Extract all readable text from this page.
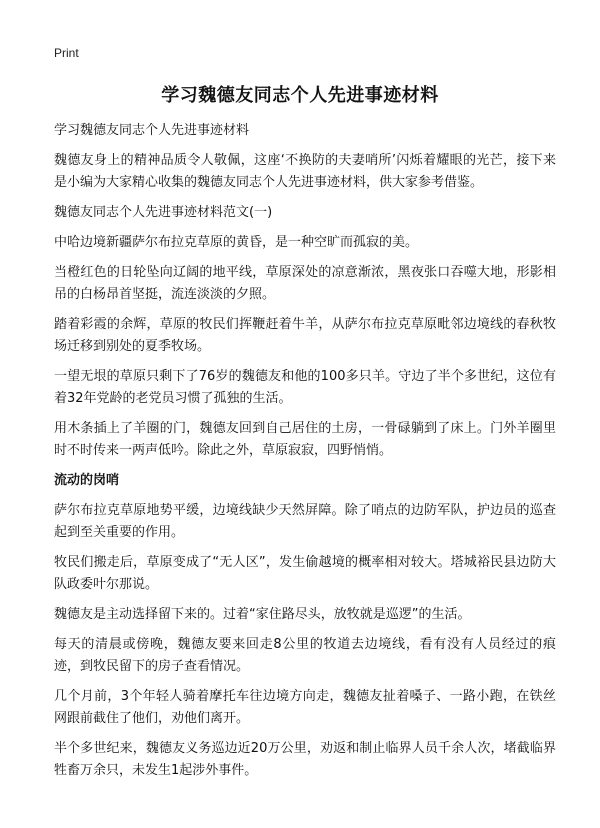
Print
学习魏德友同志个人先进事迹材料

学习魏德友同志个人先进事迹材料

魏德友身上的精神品质令人敬佩，这座‘不换防的夫妻哨所’闪烁着耀眼的光芒，接下来是小编为大家精心收集的魏德友同志个人先进事迹材料，供大家参考借鉴。

魏德友同志个人先进事迹材料范文(一)

中哈边境新疆萨尔布拉克草原的黄昏，是一种空旷而孤寂的美。

当橙红色的日轮坠向辽阔的地平线，草原深处的凉意渐浓，黑夜张口吞噬大地，形影相吊的白杨昂首坚挺，流连淡淡的夕照。

踏着彩霞的余辉，草原的牧民们挥鞭赶着牛羊，从萨尔布拉克草原毗邻边境线的春秋牧场迁移到别处的夏季牧场。

一望无垠的草原只剩下了76岁的魏德友和他的100多只羊。守边了半个多世纪，这位有着32年党龄的老党员习惯了孤独的生活。

用木条插上了羊圈的门，魏德友回到自己居住的土房，一骨碌躺到了床上。门外羊圈里时不时传来一两声低吟。除此之外，草原寂寂，四野悄悄。

流动的岗哨

萨尔布拉克草原地势平缓，边境线缺少天然屏障。除了哨点的边防军队，护边员的巡查起到至关重要的作用。

牧民们搬走后，草原变成了“无人区”，发生偷越境的概率相对较大。塔城裕民县边防大队政委叶尔那说。

魏德友是主动选择留下来的。过着“家住路尽头，放牧就是巡逻”的生活。

每天的清晨或傍晚，魏德友要来回走8公里的牧道去边境线，看有没有人员经过的痕迹，到牧民留下的房子查看情况。

几个月前，3个年轻人骑着摩托车往边境方向走，魏德友扯着嗓子、一路小跑，在铁丝网跟前截住了他们，劝他们离开。

半个多世纪来，魏德友义务巡边近20万公里，劝返和制止临界人员千余人次，堵截临界牲畜万余只，未发生1起涉外事件。
